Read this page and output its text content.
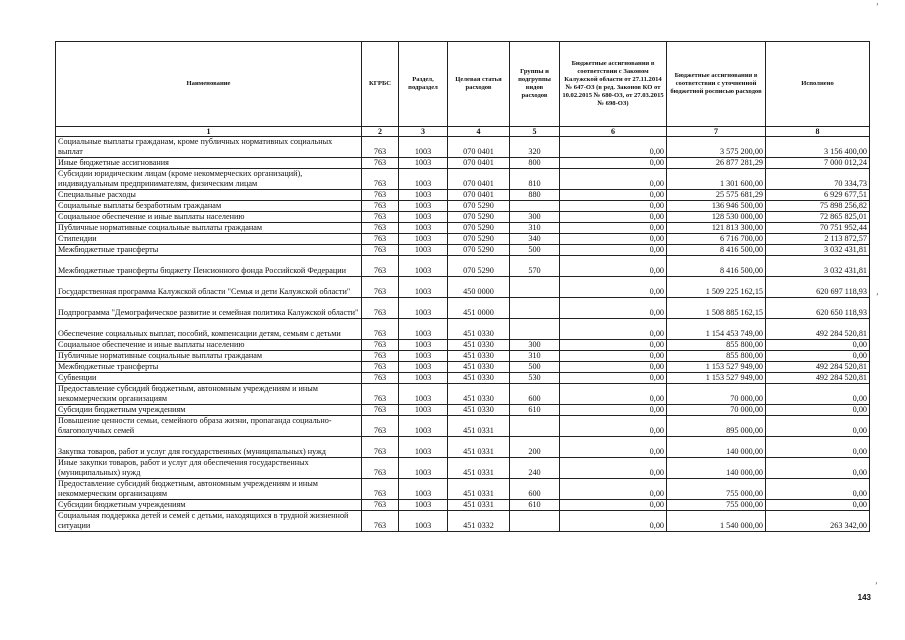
Наименование	КГРБС	Раздел, подраздел	Целевая статья расходов	Группы и подгруппы видов расходов	Бюджетные ассигнования в соответствии с Законом Калужской области от 27.11.2014 № 647-ОЗ (в ред. Законов КО от 10.02.2015 № 680-ОЗ, от 27.03.2015 № 698-ОЗ)	Бюджетные ассигнования в соответствии с уточненной бюджетной росписью расходов	Исполнено
1	2	3	4	5	6	7	8
Социальные выплаты гражданам, кроме публичных нормативных социальных выплат	763	1003	070 0401	320	0,00	3 575 200,00	3 156 400,00
Иные бюджетные ассигнования	763	1003	070 0401	800	0,00	26 877 281,29	7 000 012,24
Субсидии юридическим лицам (кроме некоммерческих организаций), индивидуальным предпринимателям, физическим лицам	763	1003	070 0401	810	0,00	1 301 600,00	70 334,73
Специальные расходы	763	1003	070 0401	880	0,00	25 575 681,29	6 929 677,51
Социальные выплаты безработным гражданам	763	1003	070 5290		0,00	136 946 500,00	75 898 256,82
Социальное обеспечение и иные выплаты населению	763	1003	070 5290	300	0,00	128 530 000,00	72 865 825,01
Публичные нормативные социальные выплаты гражданам	763	1003	070 5290	310	0,00	121 813 300,00	70 751 952,44
Стипендии	763	1003	070 5290	340	0,00	6 716 700,00	2 113 872,57
Межбюджетные трансферты	763	1003	070 5290	500	0,00	8 416 500,00	3 032 431,81
Межбюджетные трансферты бюджету Пенсионного фонда Российской Федерации	763	1003	070 5290	570	0,00	8 416 500,00	3 032 431,81
Государственная программа Калужской области "Семья и дети Калужской области"	763	1003	450 0000		0,00	1 509 225 162,15	620 697 118,93
Подпрограмма "Демографическое развитие и семейная политика Калужской области"	763	1003	451 0000		0,00	1 508 885 162,15	620 650 118,93
Обеспечение социальных выплат, пособий, компенсации детям, семьям с детьми	763	1003	451 0330		0,00	1 154 453 749,00	492 284 520,81
Социальное обеспечение и иные выплаты населению	763	1003	451 0330	300	0,00	855 800,00	0,00
Публичные нормативные социальные выплаты гражданам	763	1003	451 0330	310	0,00	855 800,00	0,00
Межбюджетные трансферты	763	1003	451 0330	500	0,00	1 153 527 949,00	492 284 520,81
Субвенции	763	1003	451 0330	530	0,00	1 153 527 949,00	492 284 520,81
Предоставление субсидий бюджетным, автономным учреждениям и иным некоммерческим организациям	763	1003	451 0330	600	0,00	70 000,00	0,00
Субсидии бюджетным учреждениям	763	1003	451 0330	610	0,00	70 000,00	0,00
Повышение ценности семьи, семейного образа жизни, пропаганда социально-благополучных семей	763	1003	451 0331		0,00	895 000,00	0,00
Закупка товаров, работ и услуг для государственных (муниципальных) нужд	763	1003	451 0331	200	0,00	140 000,00	0,00
Иные закупки товаров, работ и услуг для обеспечения государственных (муниципальных) нужд	763	1003	451 0331	240	0,00	140 000,00	0,00
Предоставление субсидий бюджетным, автономным учреждениям и иным некоммерческим организациям	763	1003	451 0331	600	0,00	755 000,00	0,00
Субсидии бюджетным учреждениям	763	1003	451 0331	610	0,00	755 000,00	0,00
Социальная поддержка детей и семей с детьми, находящихся в трудной жизненной ситуации	763	1003	451 0332		0,00	1 540 000,00	263 342,00
׳
׳
׳
143
